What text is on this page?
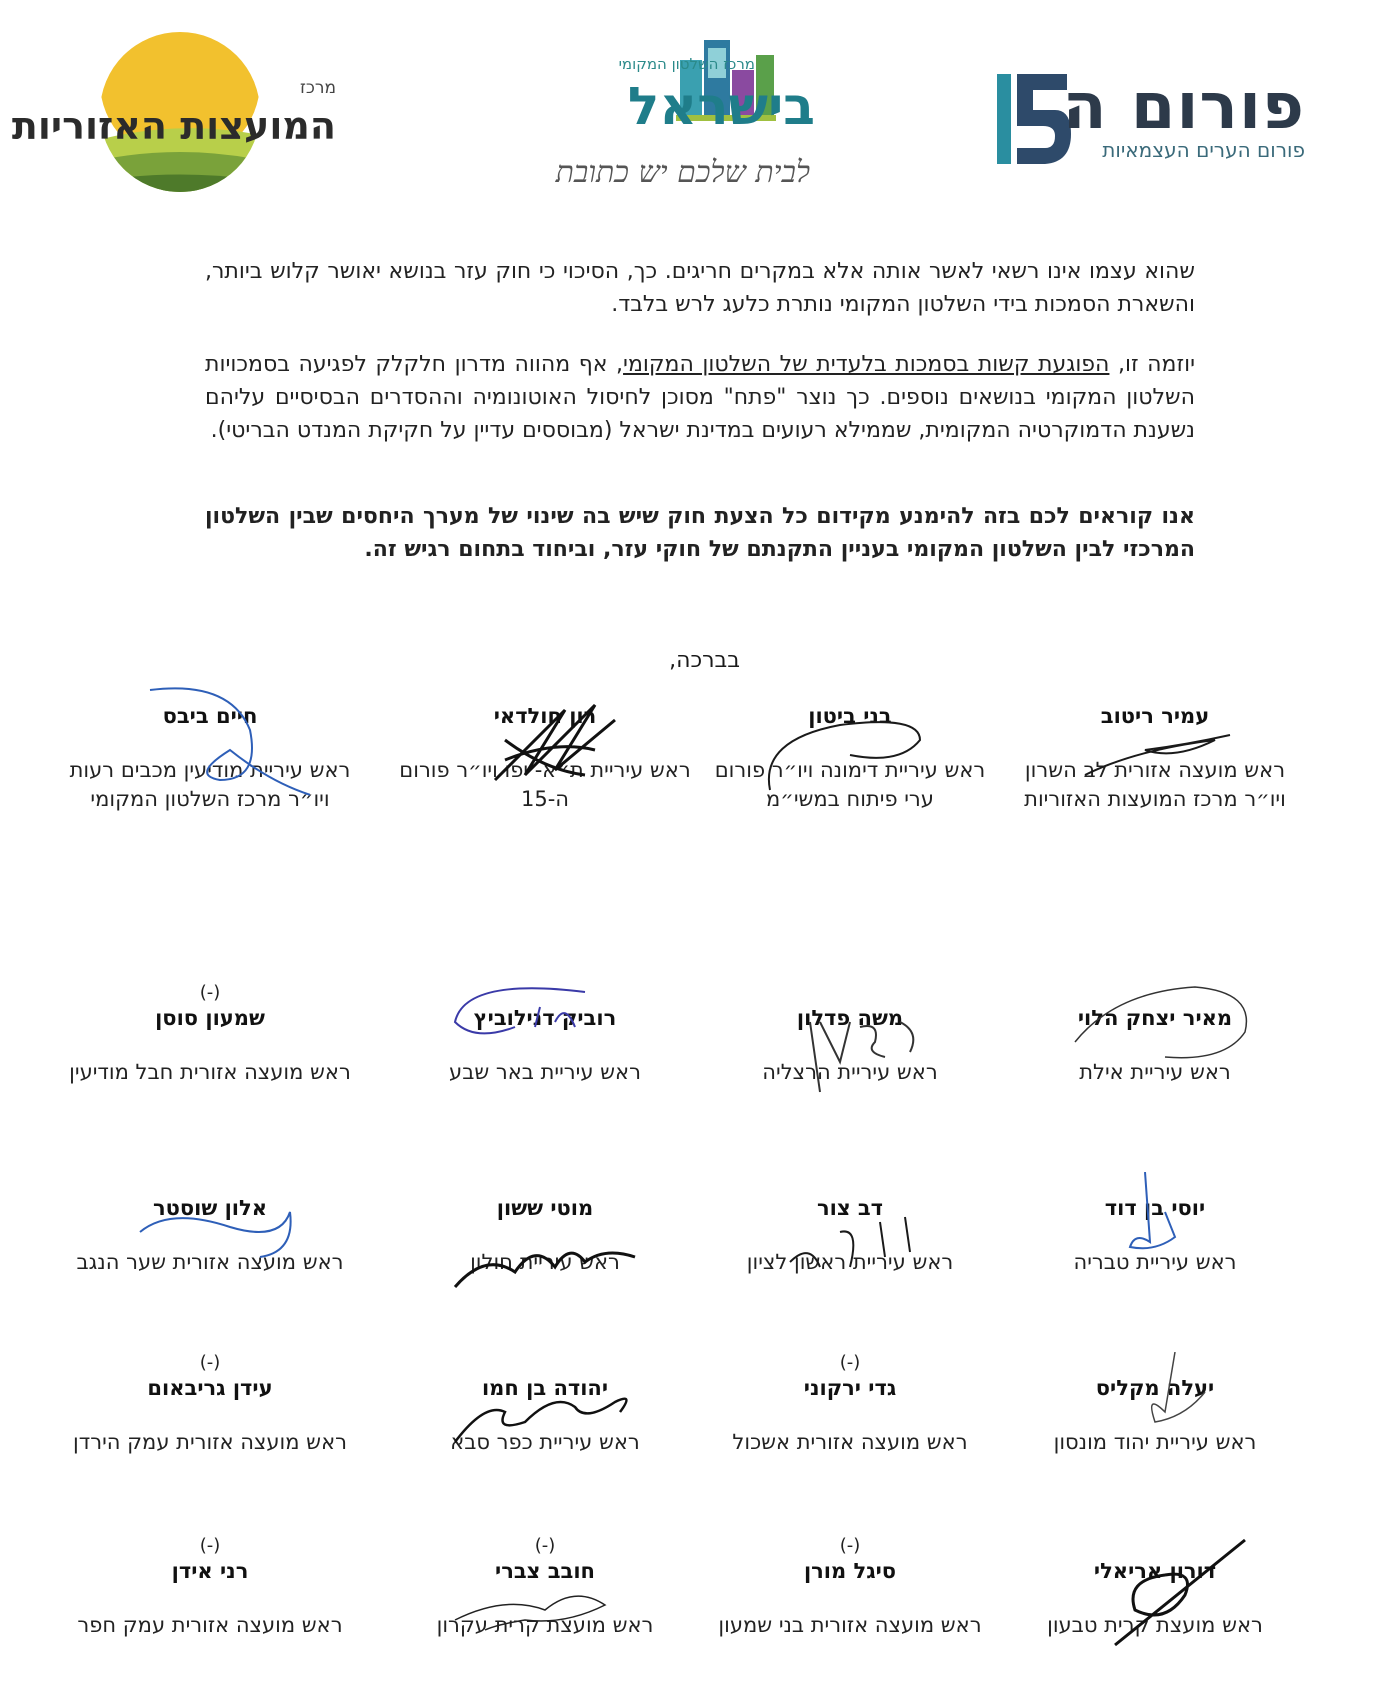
פורום ה
פורום הערים העצמאיות
מרכז השלטון המקומי
בישראל
לבית שלכם יש כתובת
מרכז
המועצות האזוריות
שהוא עצמו אינו רשאי לאשר אותה אלא במקרים חריגים. כך, הסיכוי כי חוק עזר בנושא יאושר קלוש ביותר, והשארת הסמכות בידי השלטון המקומי נותרת כלעג לרש בלבד.
יוזמה זו, הפוגעת קשות בסמכות בלעדית של השלטון המקומי, אף מהווה מדרון חלקלק לפגיעה בסמכויות השלטון המקומי בנושאים נוספים. כך נוצר "פתח" מסוכן לחיסול האוטונומיה וההסדרים הבסיסיים עליהם נשענת הדמוקרטיה המקומית, שממילא רעועים במדינת ישראל (מבוססים עדיין על חקיקת המנדט הבריטי).
אנו קוראים לכם בזה להימנע מקידום כל הצעת חוק שיש בה שינוי של מערך היחסים שבין השלטון המרכזי לבין השלטון המקומי בעניין התקנתם של חוקי עזר, וביחוד בתחום רגיש זה.
בברכה,
עמיר ריטוב
ראש מועצה אזורית לב השרון ויו״ר מרכז המועצות האזוריות
בני ביטון
ראש עיריית דימונה ויו״ר פורום ערי פיתוח במשי״מ
רון חולדאי
ראש עיריית ת״א- יפו ויו״ר פורום ה-15
חיים ביבס
ראש עיריית מודיעין מכבים רעות ויו״ר מרכז השלטון המקומי
מאיר יצחק הלוי
ראש עיריית אילת
משה פדלון
ראש עיריית הרצליה
רוביק דנילוביץ
ראש עיריית באר שבע
(-)
שמעון סוסן
ראש מועצה אזורית חבל מודיעין
יוסי בן דוד
ראש עיריית טבריה
דב צור
ראש עיריית ראשון לציון
מוטי ששון
ראש עיריית חולון
אלון שוסטר
ראש מועצה אזורית שער הנגב
יעלה מקליס
ראש עיריית יהוד מונסון
(-)
גדי ירקוני
ראש מועצה אזורית אשכול
יהודה בן חמו
ראש עיריית כפר סבא
(-)
עידן גריבאום
ראש מועצה אזורית עמק הירדן
דורון אריאלי
ראש מועצת קרית טבעון
(-)
סיגל מורן
ראש מועצה אזורית בני שמעון
(-)
חובב צברי
ראש מועצת קרית עקרון
(-)
רני אידן
ראש מועצה אזורית עמק חפר
